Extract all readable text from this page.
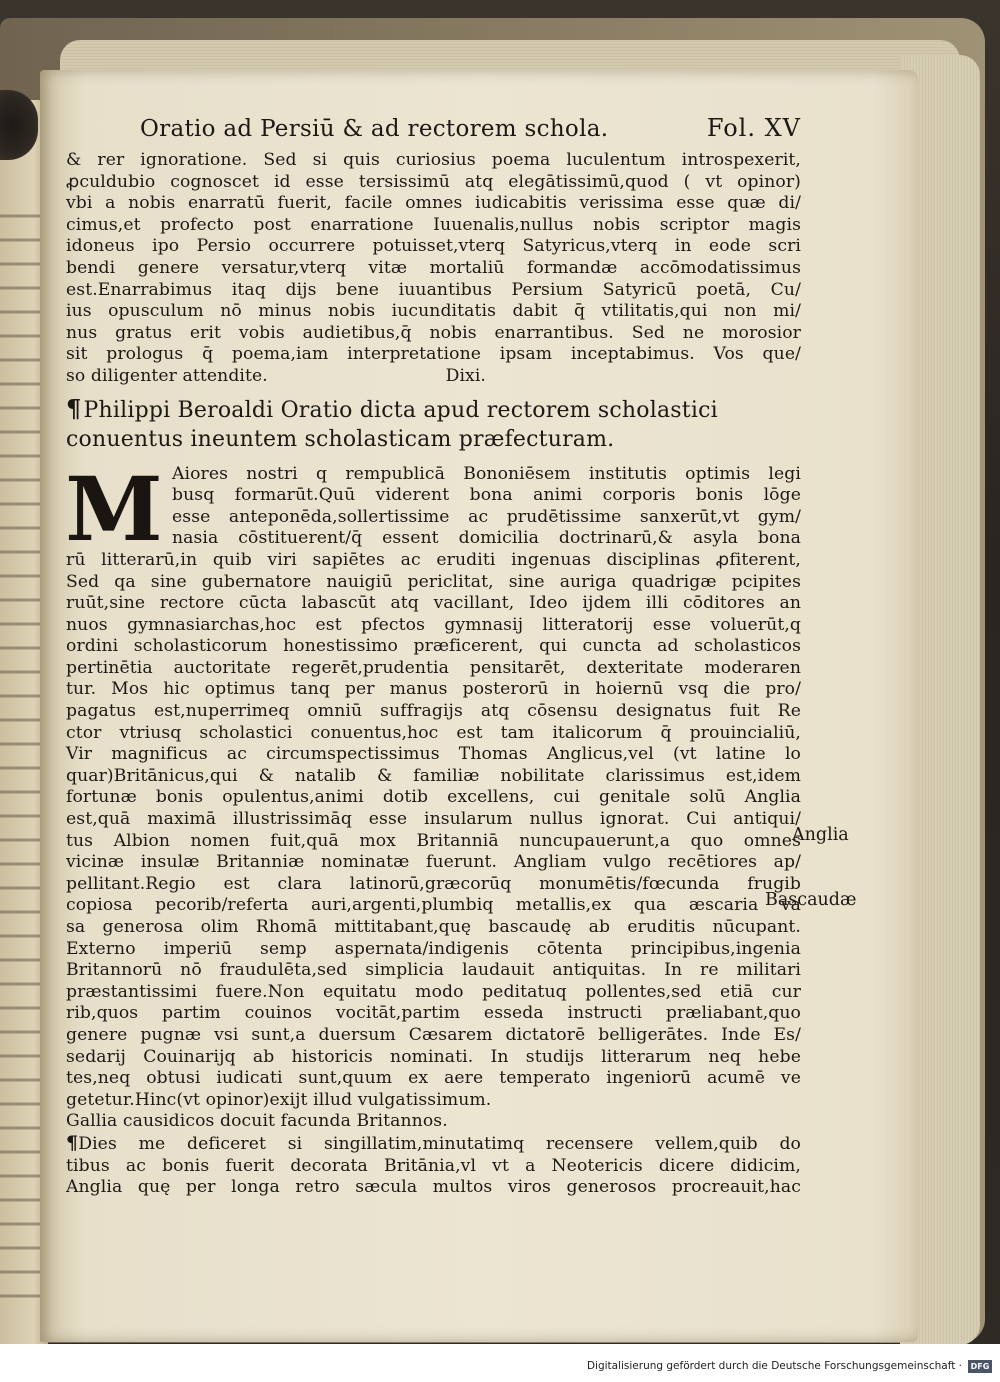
Oratio ad Persiū & ad rectorem schola.	Fol. XV
& rer ignoratione. Sed si quis curiosius poema luculentum introspexerit,
ꝓculdubio cognoscet id esse tersissimū atq elegātissimū,quod ( vt opinor)
vbi a nobis enarratū fuerit, facile omnes iudicabitis verissima esse quæ di/
cimus,et profecto post enarratione Iuuenalis,nullus nobis scriptor magis
idoneus ipo Persio occurrere potuisset,vterq Satyricus,vterq in eode scri
bendi genere versatur,vterq vitæ mortaliū formandæ accōmodatissimus
est.Enarrabimus itaq dijs bene iuuantibus Persium Satyricū poetā, Cu/
ius opusculum nō minus nobis iucunditatis dabit q̄ vtilitatis,qui non mi/
nus gratus erit vobis audietibus,q̄ nobis enarrantibus. Sed ne morosior
sit prologus q̄ poema,iam interpretatione ipsam inceptabimus. Vos que/
so diligenter attendite.	Dixi.
¶Philippi Beroaldi Oratio dicta apud rectorem scholastici
conuentus ineuntem scholasticam præfecturam.
M Aiores nostri q rempublicā Bononiēsem institutis optimis legi
busq formarūt.Quū viderent bona animi corporis bonis lōge
esse anteponēda,sollertissime ac prudētissime sanxerūt,vt gym/
nasia cōstituerent/q̄ essent domicilia doctrinarū,& asyla bona
rū litterarū,in quib viri sapiētes ac eruditi ingenuas disciplinas ꝓfiterent,
Sed qa sine gubernatore nauigiū periclitat, sine auriga quadrigæ pcipites
ruūt,sine rectore cūcta labascūt atq vacillant, Ideo ijdem illi cōditores an
nuos gymnasiarchas,hoc est pfectos gymnasij litteratorij esse voluerūt,q
ordini scholasticorum honestissimo præficerent, qui cuncta ad scholasticos
pertinētia auctoritate regerēt,prudentia pensitarēt, dexteritate moderaren
tur. Mos hic optimus tanq per manus posterorū in hoiernū vsq die pro/
pagatus est,nuperrimeq omniū suffragijs atq cōsensu designatus fuit Re
ctor vtriusq scholastici conuentus,hoc est tam italicorum q̄ prouincialiū,
Vir magnificus ac circumspectissimus Thomas Anglicus,vel (vt latine lo
quar)Britānicus,qui & natalib & familiæ nobilitate clarissimus est,idem
fortunæ bonis opulentus,animi dotib excellens, cui genitale solū Anglia
est,quā maximā illustrissimāq esse insularum nullus ignorat. Cui antiqui/
tus Albion nomen fuit,quā mox Britanniā nuncupauerunt,a quo omnes
vicinæ insulæ Britanniæ nominatæ fuerunt. Angliam vulgo recētiores ap/
pellitant.Regio est clara latinorū,græcorūq monumētis/fœcunda frugib
copiosa pecorib/referta auri,argenti,plumbiq metallis,ex qua æscaria va
sa generosa olim Rhomā mittitabant,quę bascaudę ab eruditis nūcupant.
Externo imperiū semp aspernata/indigenis cōtenta principibus,ingenia
Britannorū nō fraudulēta,sed simplicia laudauit antiquitas. In re militari
præstantissimi fuere.Non equitatu modo peditatuq pollentes,sed etiā cur
rib,quos partim couinos vocitāt,partim esseda instructi præliabant,quo
genere pugnæ vsi sunt,a duersum Cæsarem dictatorē belligerātes. Inde Es/
sedarij Couinarijq ab historicis nominati. In studijs litterarum neq hebe
tes,neq obtusi iudicati sunt,quum ex aere temperato ingeniorū acumē ve
getetur.Hinc(vt opinor)exijt illud vulgatissimum.
Gallia causidicos docuit facunda Britannos.
¶Dies me deficeret si singillatim,minutatimq recensere vellem,quib do
tibus ac bonis fuerit decorata Britānia,vl vt a Neotericis dicere didicim,
Anglia quę per longa retro sæcula multos viros generosos procreauit,hac
Anglia
Bascaudæ
Digitalisierung gefördert durch die Deutsche Forschungsgemeinschaft ·	DFG
